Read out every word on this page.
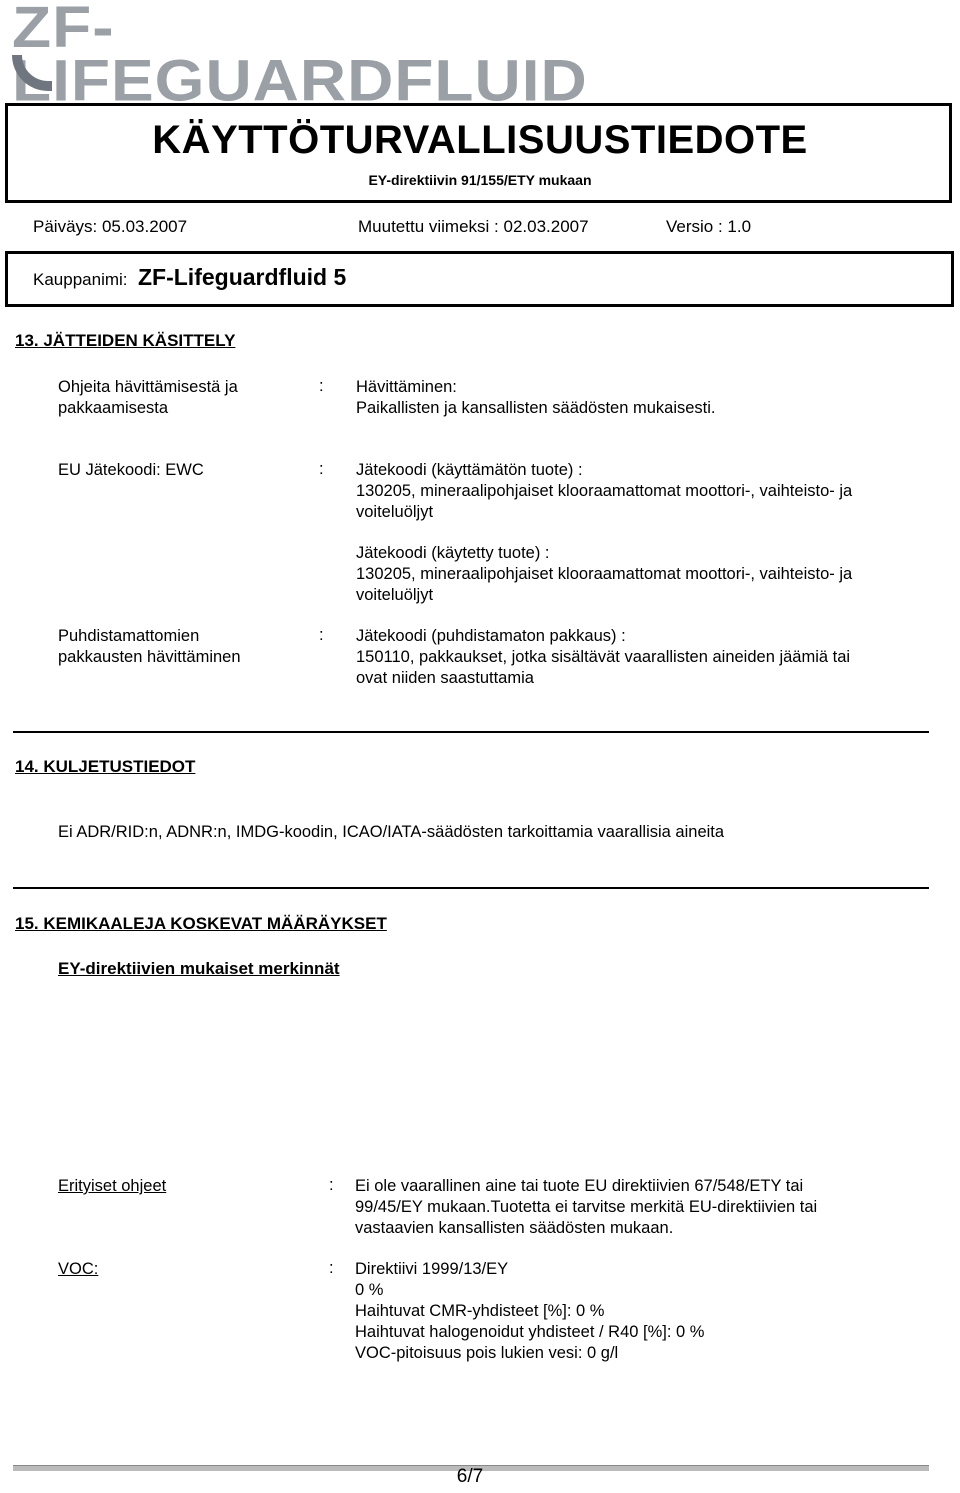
ZF-LIFEGUARDFLUID
KÄYTTÖTURVALLISUUSTIEDOTE
EY-direktiivin 91/155/ETY mukaan
Päiväys: 05.03.2007	Muutettu viimeksi : 02.03.2007	Versio : 1.0
Kauppanimi: ZF-Lifeguardfluid 5
13. JÄTTEIDEN KÄSITTELY
Ohjeita hävittämisestä ja
pakkaamisesta
: Hävittäminen:
Paikallisten ja kansallisten säädösten mukaisesti.
EU Jätekoodi: EWC	: Jätekoodi (käyttämätön tuote) :
130205, mineraalipohjaiset klooraamattomat moottori-, vaihteisto- ja
voiteluöljyt
Jätekoodi (käytetty tuote) :
130205, mineraalipohjaiset klooraamattomat moottori-, vaihteisto- ja
voiteluöljyt
Puhdistamattomien
pakkausten hävittäminen
: Jätekoodi (puhdistamaton pakkaus) :
150110, pakkaukset, jotka sisältävät vaarallisten aineiden jäämiä tai
ovat niiden saastuttamia
14. KULJETUSTIEDOT
Ei ADR/RID:n, ADNR:n, IMDG-koodin, ICAO/IATA-säädösten tarkoittamia vaarallisia aineita
15. KEMIKAALEJA KOSKEVAT MÄÄRÄYKSET
EY-direktiivien mukaiset merkinnät
Erityiset ohjeet	: Ei ole vaarallinen aine tai tuote EU direktiivien 67/548/ETY tai
99/45/EY mukaan.Tuotetta ei tarvitse merkitä EU-direktiivien tai
vastaavien kansallisten säädösten mukaan.
VOC:	: Direktiivi 1999/13/EY
0 %
Haihtuvat CMR-yhdisteet [%]: 0 %
Haihtuvat halogenoidut yhdisteet / R40 [%]: 0 %
VOC-pitoisuus pois lukien vesi: 0 g/l
6/7
